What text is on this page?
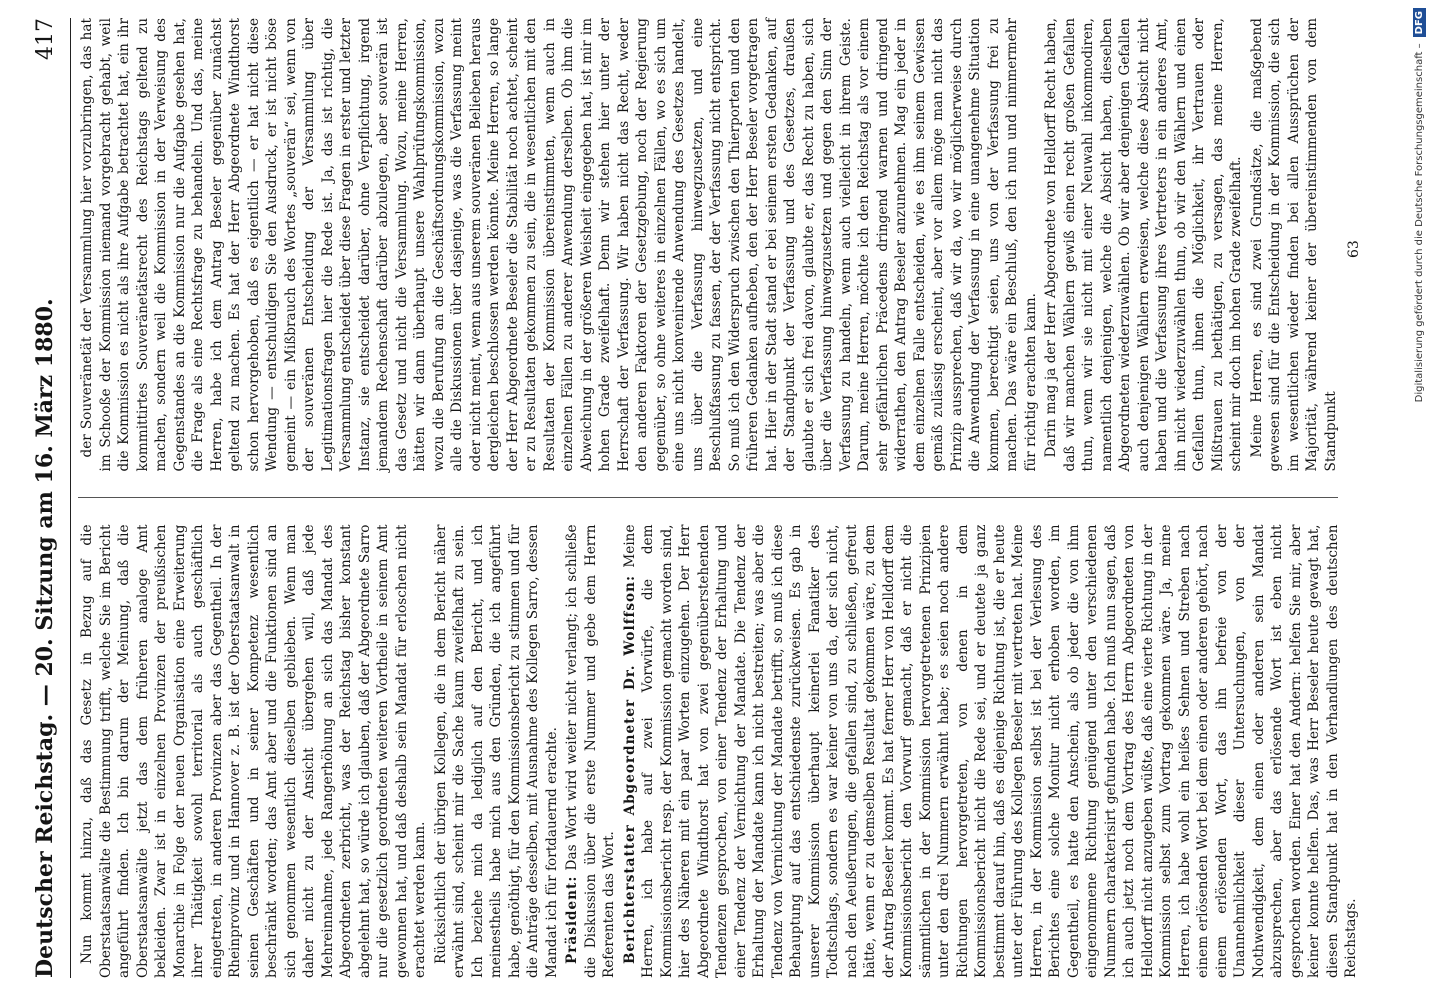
Deutscher Reichstag. — 20. Sitzung am 16. März 1880.
417

Nun kommt hinzu, daß das Gesetz in Bezug auf die Oberstaatsanwälte die Bestimmung trifft, welche Sie im Bericht angeführt finden. Ich bin darum der Meinung, daß die Oberstaatsanwälte jetzt das dem früheren analoge Amt bekleiden. Zwar ist in einzelnen Provinzen der preußischen Monarchie in Folge der neuen Organisation eine Erweiterung ihrer Thätigkeit sowohl territorial als auch geschäftlich eingetreten, in anderen Provinzen aber das Gegentheil. In der Rheinprovinz und in Hannover z. B. ist der Oberstaatsanwalt in seinen Geschäften und in seiner Kompetenz wesentlich beschränkt worden; das Amt aber und die Funktionen sind an sich genommen wesentlich dieselben geblieben. Wenn man daher nicht zu der Ansicht übergehen will, daß jede Mehreinnahme, jede Rangerhöhung an sich das Mandat des Abgeordneten zerbricht, was der Reichstag bisher konstant abgelehnt hat, so würde ich glauben, daß der Abgeordnete Sarro nur die gesetzlich geordneten weiteren Vortheile in seinem Amt gewonnen hat, und daß deshalb sein Mandat für erloschen nicht erachtet werden kann. Rücksichtlich der übrigen Kollegen, die in dem Bericht näher erwähnt sind, scheint mir die Sache kaum zweifelhaft zu sein. Ich beziehe mich da lediglich auf den Bericht, und ich meinestheils habe mich aus den Gründen, die ich angeführt habe, genöthigt, für den Kommissionsbericht zu stimmen und für die Anträge desselben, mit Ausnahme des Kollegen Sarro, dessen Mandat ich für fortdauernd erachte. Präsident: Das Wort wird weiter nicht verlangt; ich schließe die Diskussion über die erste Nummer und gebe dem Herrn Referenten das Wort. Berichterstatter Abgeordneter Dr. Wolffson: Meine Herren, ich habe auf zwei Vorwürfe, die dem Kommissionsbericht resp. der Kommission gemacht worden sind, hier des Näheren mit ein paar Worten einzugehen. Der Herr Abgeordnete Windthorst hat von zwei gegenüberstehenden Tendenzen gesprochen, von einer Tendenz der Erhaltung und einer Tendenz der Vernichtung der Mandate. Die Tendenz der Erhaltung der Mandate kann ich nicht bestreiten; was aber die Tendenz von Vernichtung der Mandate betrifft, so muß ich diese Behauptung auf das entschiedenste zurückweisen. Es gab in unserer Kommission überhaupt keinerlei Fanatiker des Todtschlags, sondern es war keiner von uns da, der sich nicht, nach den Aeußerungen, die gefallen sind, zu schließen, gefreut hätte, wenn er zu demselben Resultat gekommen wäre, zu dem der Antrag Beseler kommt. Es hat ferner Herr von Helldorff dem Kommissionsbericht den Vorwurf gemacht, daß er nicht die sämmtlichen in der Kommission hervorgetretenen Prinzipien unter den drei Nummern erwähnt habe; es seien noch andere Richtungen hervorgetreten, von denen in dem Kommissionsbericht nicht die Rede sei, und er deutete ja ganz bestimmt darauf hin, daß es diejenige Richtung ist, die er heute unter der Führung des Kollegen Beseler mit vertreten hat. Meine Herren, in der Kommission selbst ist bei der Verlesung des Berichtes eine solche Monitur nicht erhoben worden, im Gegentheil, es hatte den Anschein, als ob jeder die von ihm eingenommene Richtung genügend unter den verschiedenen Nummern charakterisirt gefunden habe. Ich muß nun sagen, daß ich auch jetzt noch dem Vortrag des Herrn Abgeordneten von Helldorff nicht anzugeben wüßte, daß eine vierte Richtung in der Kommission selbst zum Vortrag gekommen wäre. Ja, meine Herren, ich habe wohl ein heißes Sehnen und Streben nach einem erlösenden Wort bei dem einen oder anderen gehört, nach einem erlösenden Wort, das ihn befreie von der Unannehmlichkeit dieser Untersuchungen, von der Nothwendigkeit, dem einen oder anderen sein Mandat abzusprechen, aber das erlösende Wort ist eben nicht gesprochen worden. Einer hat den Andern: helfen Sie mir, aber keiner konnte helfen. Das, was Herr Beseler heute gewagt hat, diesen Standpunkt hat in den Verhandlungen des deutschen Reichstags.

der Souveränetät der Versammlung hier vorzubringen, das hat im Schooße der Kommission niemand vorgebracht gehabt, weil die Kommission es nicht als ihre Aufgabe betrachtet hat, ein ihr kommittirtes Souveränetätsrecht des Reichstags geltend zu machen, sondern weil die Kommission in der Verweisung des Gegenstandes an die Kommission nur die Aufgabe gesehen hat, die Frage als eine Rechtsfrage zu behandeln. Und das, meine Herren, habe ich dem Antrag Beseler gegenüber zunächst geltend zu machen. Es hat der Herr Abgeordnete Windthorst schon hervorgehoben, daß es eigentlich — er hat nicht diese Wendung — entschuldigen Sie den Ausdruck, er ist nicht böse gemeint — ein Mißbrauch des Wortes „souverän“ sei, wenn von der souveränen Entscheidung der Versammlung über Legitimationsfragen hier die Rede ist. Ja, das ist richtig, die Versammlung entscheidet über diese Fragen in erster und letzter Instanz, sie entscheidet darüber, ohne Verpflichtung, irgend jemandem Rechenschaft darüber abzulegen, aber souverän ist das Gesetz und nicht die Versammlung. Wozu, meine Herren, hätten wir dann überhaupt unsere Wahlprüfungskommission, wozu die Berufung an die Geschäftsordnungskommission, wozu alle die Diskussionen über dasjenige, was die Verfassung meint oder nicht meint, wenn aus unserem souveränen Belieben heraus dergleichen beschlossen werden könnte. Meine Herren, so lange der Herr Abgeordnete Beseler die Stabilität noch achtet, scheint er zu Resultaten gekommen zu sein, die in wesentlichen mit den Resultaten der Kommission übereinstimmten, wenn auch in einzelnen Fällen zu anderer Anwendung derselben. Ob ihm die Abweichung in der größeren Weisheit eingegeben hat, ist mir im hohen Grade zweifelhaft. Denn wir stehen hier unter der Herrschaft der Verfassung. Wir haben nicht das Recht, weder den anderen Faktoren der Gesetzgebung, noch der Regierung gegenüber, so ohne weiteres in einzelnen Fällen, wo es sich um eine uns nicht konvenirende Anwendung des Gesetzes handelt, uns über die Verfassung hinwegzusetzen, und eine Beschlußfassung zu fassen, der der Verfassung nicht entspricht. So muß ich den Widerspruch zwischen den Thierporten und den früheren Gedanken aufheben, den der Herr Beseler vorgetragen hat. Hier in der Stadt stand er bei seinem ersten Gedanken, auf der Standpunkt der Verfassung und des Gesetzes, draußen glaubte er sich frei davon, glaubte er, das Recht zu haben, sich über die Verfassung hinwegzusetzen und gegen den Sinn der Verfassung zu handeln, wenn auch vielleicht in ihrem Geiste. Darum, meine Herren, möchte ich den Reichstag als vor einem sehr gefährlichen Präcedens dringend warnen und dringend widerrathen, den Antrag Beseler anzunehmen. Mag ein jeder in dem einzelnen Falle entscheiden, wie es ihm seinem Gewissen gemäß zulässig erscheint, aber vor allem möge man nicht das Prinzip aussprechen, daß wir da, wo wir möglicherweise durch die Anwendung der Verfassung in eine unangenehme Situation kommen, berechtigt seien, uns von der Verfassung frei zu machen. Das wäre ein Beschluß, den ich nun und nimmermehr für richtig erachten kann. Darin mag ja der Herr Abgeordnete von Helldorff Recht haben, daß wir manchen Wählern gewiß einen recht großen Gefallen thun, wenn wir sie nicht mit einer Neuwahl inkommodiren, namentlich denjenigen, welche die Absicht haben, dieselben Abgeordneten wiederzuwählen. Ob wir aber denjenigen Gefallen auch denjenigen Wählern erweisen, welche diese Absicht nicht haben und die Verfassung ihres Vertreters in ein anderes Amt, ihn nicht wiederzuwählen thun, ob wir den Wählern und einen Gefallen thun, ihnen die Möglichkeit, ihr Vertrauen oder Mißtrauen zu bethätigen, zu versagen, das meine Herren, scheint mir doch im hohen Grade zweifelhaft. Meine Herren, es sind zwei Grundsätze, die maßgebend gewesen sind für die Entscheidung in der Kommission, die sich im wesentlichen wieder finden bei allen Aussprüchen der Majorität, während keiner der übereinstimmenden von dem Standpunkt

63	Digitalisierung gefördert durch die Deutsche Forschungsgemeinschaft –
DFG
